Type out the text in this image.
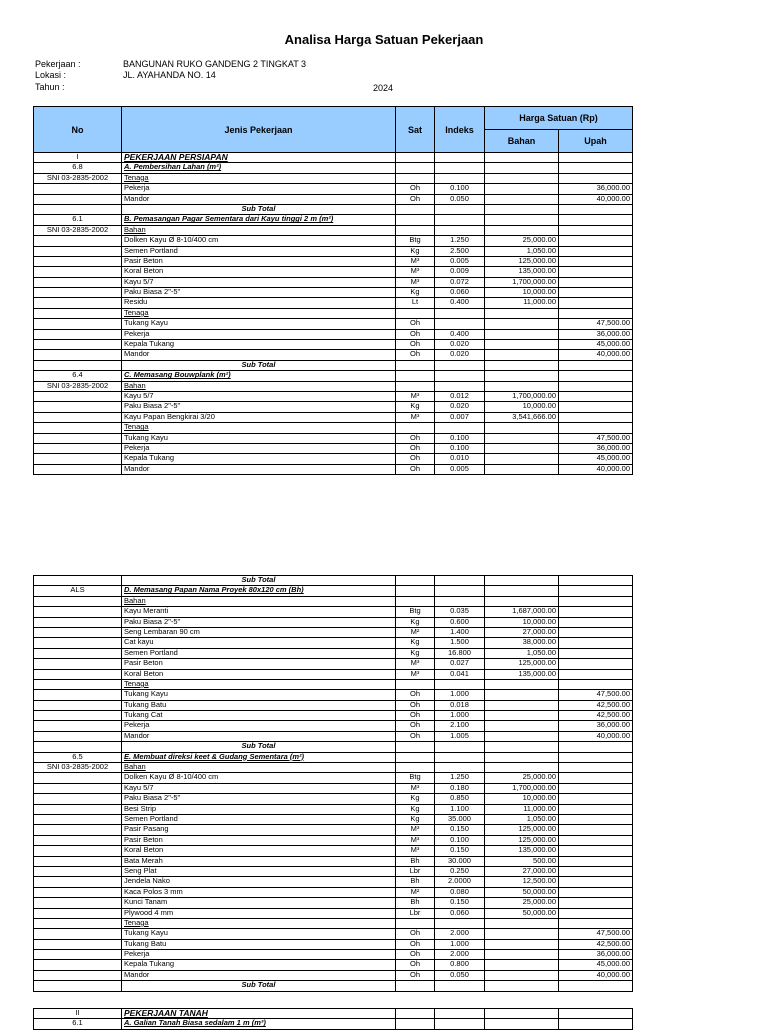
Analisa Harga Satuan Pekerjaan
Pekerjaan :	BANGUNAN RUKO GANDENG 2 TINGKAT 3
Lokasi :	JL. AYAHANDA NO. 14
Tahun :	2024
No	Jenis Pekerjaan	Sat	Indeks	Harga Satuan (Rp)	
				Bahan	Upah
I	PEKERJAAN PERSIAPAN				
6.8	A. Pembersihan Lahan (m²)				
SNI 03-2835-2002	Tenaga				
	Pekerja	Oh	0.100		36,000.00
	Mandor	Oh	0.050		40,000.00
	Sub Total				
6.1	B. Pemasangan Pagar Sementara dari Kayu tinggi 2 m (m²)				
SNI 03-2835-2002	Bahan				
	Dolken Kayu Ø 8-10/400 cm	Btg	1.250	25,000.00	
	Semen Portland	Kg	2.500	1,050.00	
	Pasir Beton	M³	0.005	125,000.00	
	Koral Beton	M³	0.009	135,000.00	
	Kayu 5/7	M³	0.072	1,700,000.00	
	Paku Biasa 2"-5"	Kg	0.060	10,000.00	
	Residu	Lt	0.400	11,000.00	
	Tenaga				
	Tukang Kayu	Oh			47,500.00
	Pekerja	Oh	0.400		36,000.00
	Kepala Tukang	Oh	0.020		45,000.00
	Mandor	Oh	0.020		40,000.00
	Sub Total				
6.4	C. Memasang Bouwplank (m²)				
SNI 03-2835-2002	Bahan				
	Kayu 5/7	M³	0.012	1,700,000.00	
	Paku Biasa 2"-5"	Kg	0.020	10,000.00	
	Kayu Papan Bengkirai 3/20	M³	0.007	3,541,666.00	
	Tenaga				
	Tukang Kayu	Oh	0.100		47,500.00
	Pekerja	Oh	0.100		36,000.00
	Kepala Tukang	Oh	0.010		45,000.00
	Mandor	Oh	0.005		40,000.00
	Sub Total				
ALS	D. Memasang Papan Nama Proyek 80x120 cm (Bh)				
	Bahan				
	Kayu Meranti	Btg	0.035	1,687,000.00	
	Paku Biasa 2"-5"	Kg	0.600	10,000.00	
	Seng Lembaran 90 cm	M²	1.400	27,000.00	
	Cat kayu	Kg	1.500	38,000.00	
	Semen Portland	Kg	16.800	1,050.00	
	Pasir Beton	M³	0.027	125,000.00	
	Koral Beton	M³	0.041	135,000.00	
	Tenaga				
	Tukang Kayu	Oh	1.000		47,500.00
	Tukang Batu	Oh	0.018		42,500.00
	Tukang Cat	Oh	1.000		42,500.00
	Pekerja	Oh	2.100		36,000.00
	Mandor	Oh	1.005		40,000.00
	Sub Total				
6.5	E. Membuat direksi keet & Gudang Sementara (m²)				
SNI 03-2835-2002	Bahan				
	Dolken Kayu Ø 8-10/400 cm	Btg	1.250	25,000.00	
	Kayu 5/7	M³	0.180	1,700,000.00	
	Paku Biasa 2"-5"	Kg	0.850	10,000.00	
	Besi Strip	Kg	1.100	11,000.00	
	Semen Portland	Kg	35.000	1,050.00	
	Pasir Pasang	M³	0.150	125,000.00	
	Pasir Beton	M³	0.100	125,000.00	
	Koral Beton	M³	0.150	135,000.00	
	Bata Merah	Bh	30.000	500.00	
	Seng Plat	Lbr	0.250	27,000.00	
	Jendela Nako	Bh	2.0000	12,500.00	
	Kaca Polos 3 mm	M²	0.080	50,000.00	
	Kunci Tanam	Bh	0.150	25,000.00	
	Plywood 4 mm	Lbr	0.060	50,000.00	
	Tenaga				
	Tukang Kayu	Oh	2.000		47,500.00
	Tukang Batu	Oh	1.000		42,500.00
	Pekerja	Oh	2.000		36,000.00
	Kepala Tukang	Oh	0.800		45,000.00
	Mandor	Oh	0.050		40,000.00
	Sub Total				
II	PEKERJAAN TANAH				
6.1	A. Galian Tanah Biasa sedalam 1 m (m³)				
